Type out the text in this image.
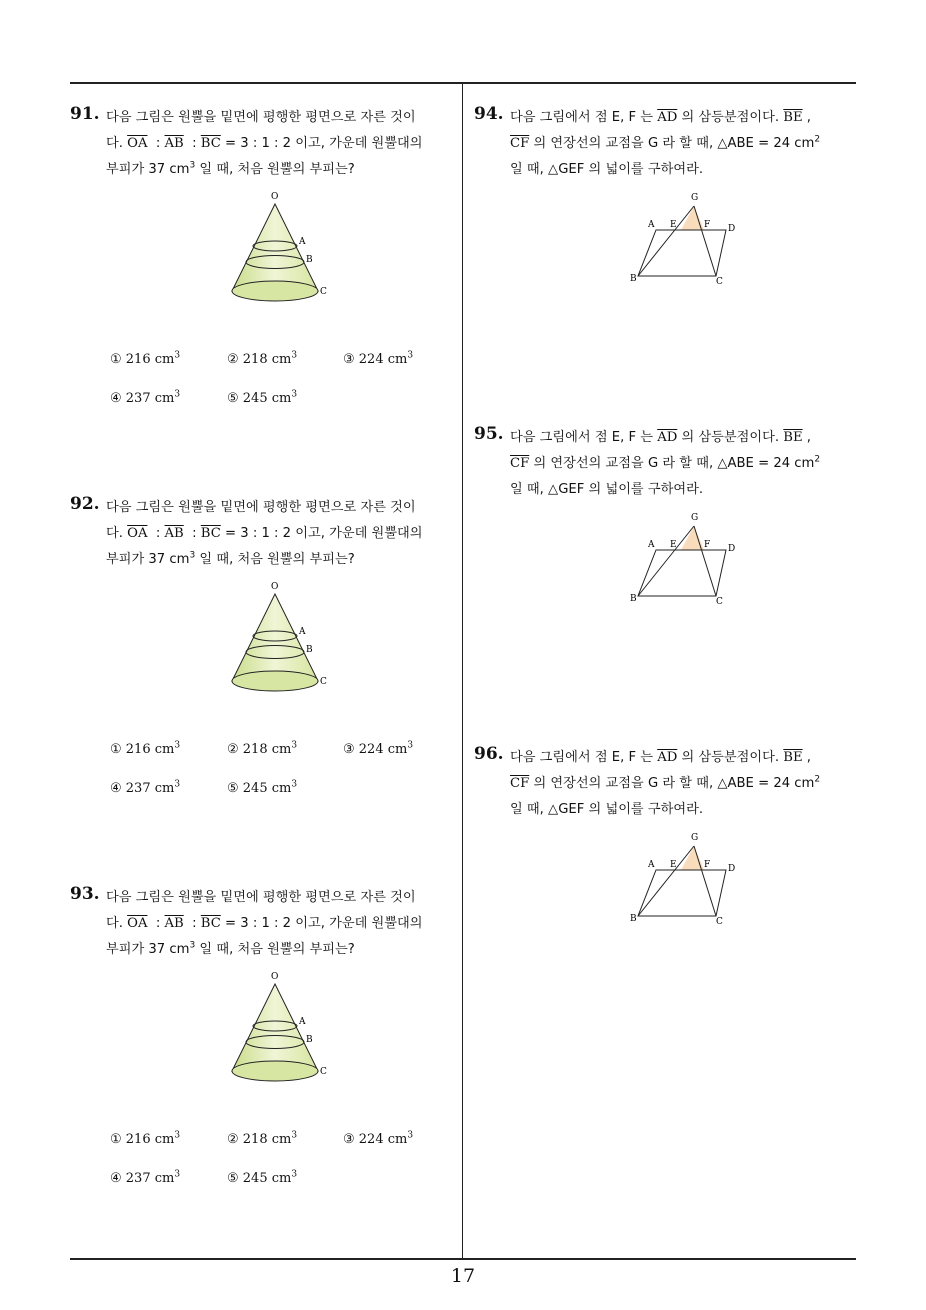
91. 다음 그림은 원뿔을 밑면에 평행한 평면으로 자른 것이
다. $\overline{OA}$  : $\overline{AB}$  : $\overline{BC} = 3$ : 1 : 2 이고, 가운데 원뿔대의
부피가 37 $cm^3$ 일 때, 처음 원뿔의 부피는?
O
A
B
C
① 216 $cm^3$	② 218 $cm^3$	③ 224 $cm^3$
④ 237 $cm^3$	⑤ 245 $cm^3$
92. 다음 그림은 원뿔을 밑면에 평행한 평면으로 자른 것이
다. $\overline{OA}$  : $\overline{AB}$  : $\overline{BC} = 3$ : 1 : 2 이고, 가운데 원뿔대의
부피가 37 $cm^3$ 일 때, 처음 원뿔의 부피는?
O
A
B
C
① 216 $cm^3$	② 218 $cm^3$	③ 224 $cm^3$
④ 237 $cm^3$	⑤ 245 $cm^3$
93. 다음 그림은 원뿔을 밑면에 평행한 평면으로 자른 것이
다. $\overline{OA}$  : $\overline{AB}$  : $\overline{BC} = 3$ : 1 : 2 이고, 가운데 원뿔대의
부피가 37 $cm^3$ 일 때, 처음 원뿔의 부피는?
O
A
B
C
① 216 $cm^3$	② 218 $cm^3$	③ 224 $cm^3$
④ 237 $cm^3$	⑤ 245 $cm^3$
94. 다음 그림에서 점 E, F 는 $\overline{AD}$ 의 삼등분점이다. $\overline{BE}$ ,
$\overline{CF}$ 의 연장선의 교점을 G 라 할 때, △ABE = 24 $cm^2$
일 때, △GEF 의 넓이를 구하여라.
G
A E	F D
B	C
95. 다음 그림에서 점 E, F 는 $\overline{AD}$ 의 삼등분점이다. $\overline{BE}$ ,
$\overline{CF}$ 의 연장선의 교점을 G 라 할 때, △ABE = 24 $cm^2$
일 때, △GEF 의 넓이를 구하여라.
G
A E	F D
B	C
96. 다음 그림에서 점 E, F 는 $\overline{AD}$ 의 삼등분점이다. $\overline{BE}$ ,
$\overline{CF}$ 의 연장선의 교점을 G 라 할 때, △ABE = 24 $cm^2$
일 때, △GEF 의 넓이를 구하여라.
G
A E	F D
B	C
17
